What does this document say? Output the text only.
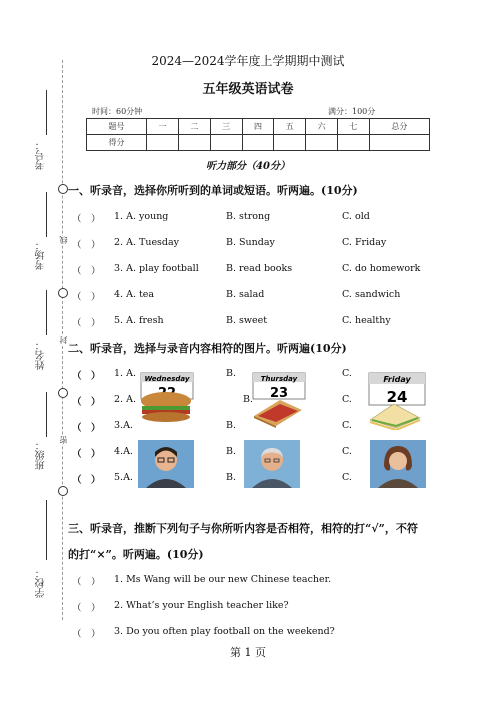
考号：
考场：
姓名：
班级：
学校：
线
封
密
2024—2024学年度上学期期中测试
五年级英语试卷
时间：60分钟	满分：100分
题号	一	二	三	四	五	六	七	总分
得分								
听力部分（40分）
一、听录音，选择你所听到的单词或短语。听两遍。(10分)
（　） 1. A. young	B. strong	C. old
（　） 2. A. Tuesday	B. Sunday	C. Friday
（　） 3. A. play football	B. read books	C. do homework
（　） 4. A. tea	B. salad	C. sandwich
（　） 5. A. fresh	B. sweet	C. healthy
二、听录音，选择与录音内容相符的图片。听两遍(10分)
（　） 1. A.	B.	C.
（　） 2. A.	B.	C.
（　） 3.A.	B.	C.
（　） 4.A.	B.	C.
（　） 5.A.	B.	C.
Wednesday	Thursday
23
Friday
24
三、听录音，推断下列句子与你所听内容是否相符，相符的打“√”，不符
的打“×”。听两遍。(10分)
（　） 1. Ms Wang will be our new Chinese teacher.
（　） 2. What’s your English teacher like?
（　） 3. Do you often play football on the weekend?
第 1 页
